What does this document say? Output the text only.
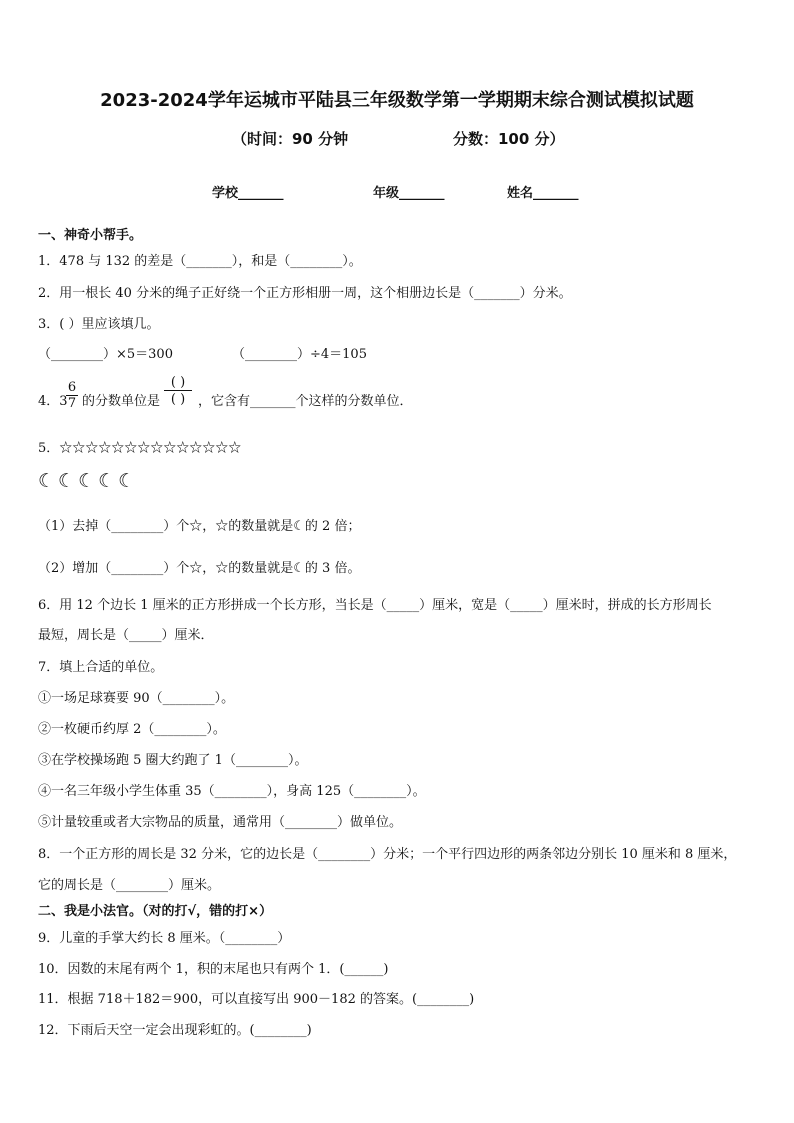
2023-2024学年运城市平陆县三年级数学第一学期期末综合测试模拟试题
（时间：90 分钟	分数：100 分）
学校_______	年级_______	姓名_______
一、神奇小帮手。
1．478 与 132 的差是（_______），和是（________）。
2．用一根长 40 分米的绳子正好绕一个正方形相册一周，这个相册边长是（_______）分米。
3．( ）里应该填几。
（________）×5＝300	（________）÷4＝105
4．3
$\frac{6}{7}$ 的分数单位是
( )
( ) ，它含有_______个这样的分数单位．
5．☆☆☆☆☆☆☆☆☆☆☆☆☆☆
☾☾☾☾☾
（1）去掉（________）个☆，☆的数量就是☾的 2 倍；
（2）增加（________）个☆，☆的数量就是☾的 3 倍。
6．用 12 个边长 1 厘米的正方形拼成一个长方形，当长是（_____）厘米，宽是（_____）厘米时，拼成的长方形周长
最短，周长是（_____）厘米．
7．填上合适的单位。
①一场足球赛要 90（________）。
②一枚硬币约厚 2（________）。
③在学校操场跑 5 圈大约跑了 1（________）。
④一名三年级小学生体重 35（________），身高 125（________）。
⑤计量较重或者大宗物品的质量，通常用（________）做单位。
8．一个正方形的周长是 32 分米，它的边长是（________）分米；一个平行四边形的两条邻边分别长 10 厘米和 8 厘米，
它的周长是（________）厘米。
二、我是小法官。（对的打√，错的打×）
9．儿童的手掌大约长 8 厘米。（________）
10．因数的末尾有两个 1，积的末尾也只有两个 1．(______)
11．根据 718＋182＝900，可以直接写出 900－182 的答案。(________)
12．下雨后天空一定会出现彩虹的。(________)
